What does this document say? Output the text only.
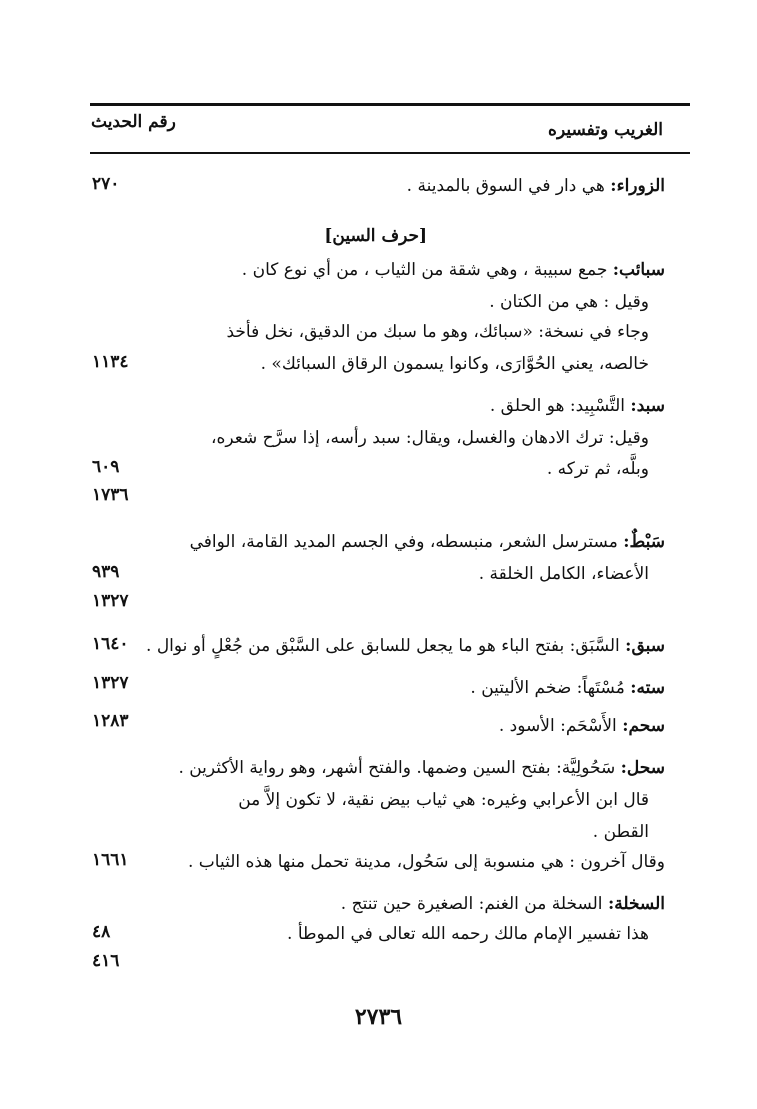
الغريب وتفسيره
رقم الحديث
الزوراء: هي دار في السوق بالمدينة .
[حرف السين]
سبائب: جمع سبيبة ، وهي شقة من الثياب ، من أي نوع كان .
وقيل : هي من الكتان .
وجاء في نسخة: «سبائك، وهو ما سبك من الدقيق، نخل فأخذ
خالصه، يعني الحُوَّارَى، وكانوا يسمون الرقاق السبائك» .
سبد: التَّسْبِيد: هو الحلق .
وقيل: ترك الادهان والغسل، ويقال: سبد رأسه، إذا سرَّح شعره،
وبلَّه، ثم تركه .
سَبْطٌ: مسترسل الشعر، منبسطه، وفي الجسم المديد القامة، الوافي
الأعضاء، الكامل الخلقة .
سبق: السَّبَق: بفتح الباء هو ما يجعل للسابق على السَّبْق من جُعْلٍ أو نوال .
سته: مُسْتَهاً: ضخم الأليتين .
سحم: الأَسْحَم: الأسود .
سحل: سَحُولِيَّة: بفتح السين وضمها. والفتح أشهر، وهو رواية الأكثرين .
قال ابن الأعرابي وغيره: هي ثياب بيض نقية، لا تكون إلاَّ من
القطن .
وقال آخرون : هي منسوبة إلى سَحُول، مدينة تحمل منها هذه الثياب .
السخلة: السخلة من الغنم: الصغيرة حين تنتج .
هذا تفسير الإمام مالك رحمه الله تعالى في الموطأ .
٢٧٠
١١٣٤
٦٠٩
١٧٣٦
٩٣٩
١٣٢٧
١٦٤٠
١٣٢٧
١٢٨٣
١٦٦١
٤٨
٤١٦
٢٧٣٦
